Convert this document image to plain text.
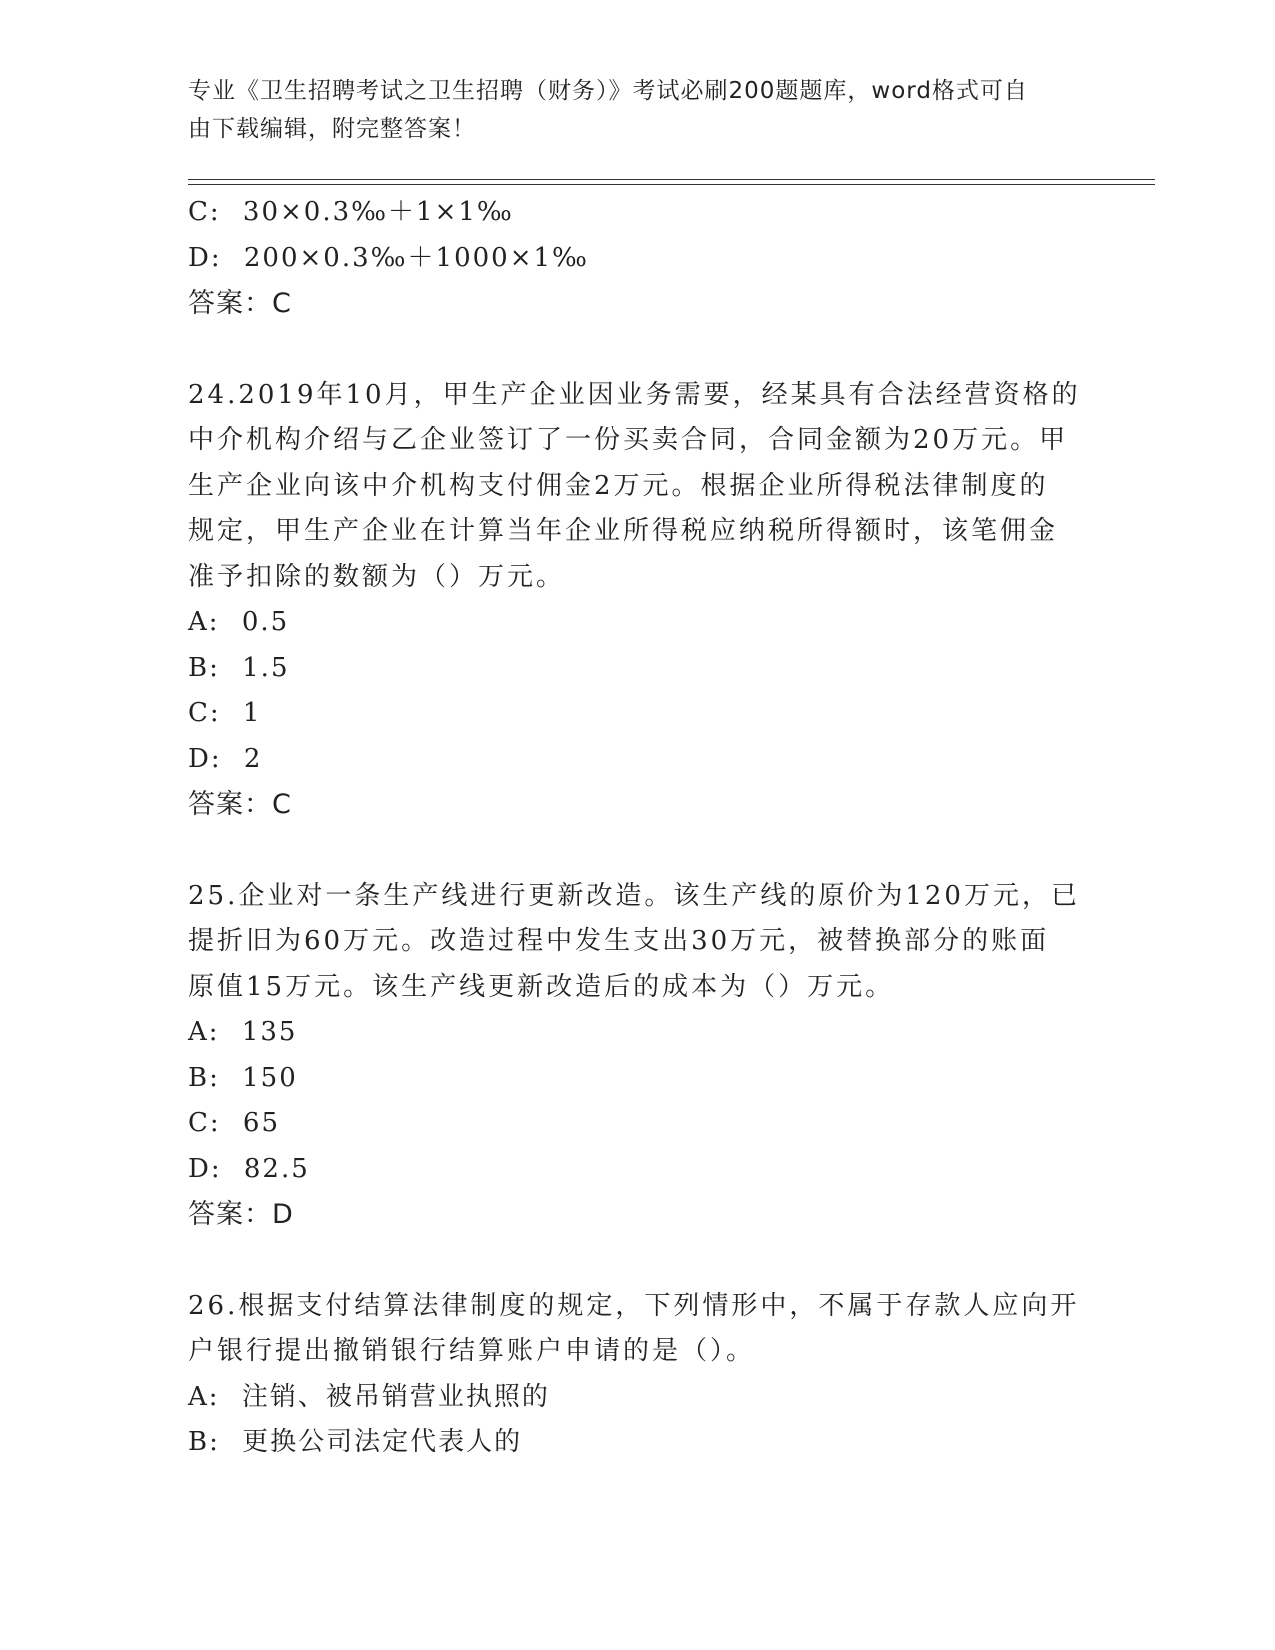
专业《卫生招聘考试之卫生招聘（财务）》考试必刷200题题库，word格式可自
由下载编辑，附完整答案！
C: 30×0.3‰＋1×1‰
D: 200×0.3‰＋1000×1‰
答案：C
24.2019年10月，甲生产企业因业务需要，经某具有合法经营资格的
中介机构介绍与乙企业签订了一份买卖合同，合同金额为20万元。甲
生产企业向该中介机构支付佣金2万元。根据企业所得税法律制度的
规定，甲生产企业在计算当年企业所得税应纳税所得额时，该笔佣金
准予扣除的数额为（）万元。
A: 0.5
B: 1.5
C: 1
D: 2
答案：C
25.企业对一条生产线进行更新改造。该生产线的原价为120万元，已
提折旧为60万元。改造过程中发生支出30万元，被替换部分的账面
原值15万元。该生产线更新改造后的成本为（）万元。
A: 135
B: 150
C: 65
D: 82.5
答案：D
26.根据支付结算法律制度的规定，下列情形中，不属于存款人应向开
户银行提出撤销银行结算账户申请的是（）。
A: 注销、被吊销营业执照的
B: 更换公司法定代表人的
